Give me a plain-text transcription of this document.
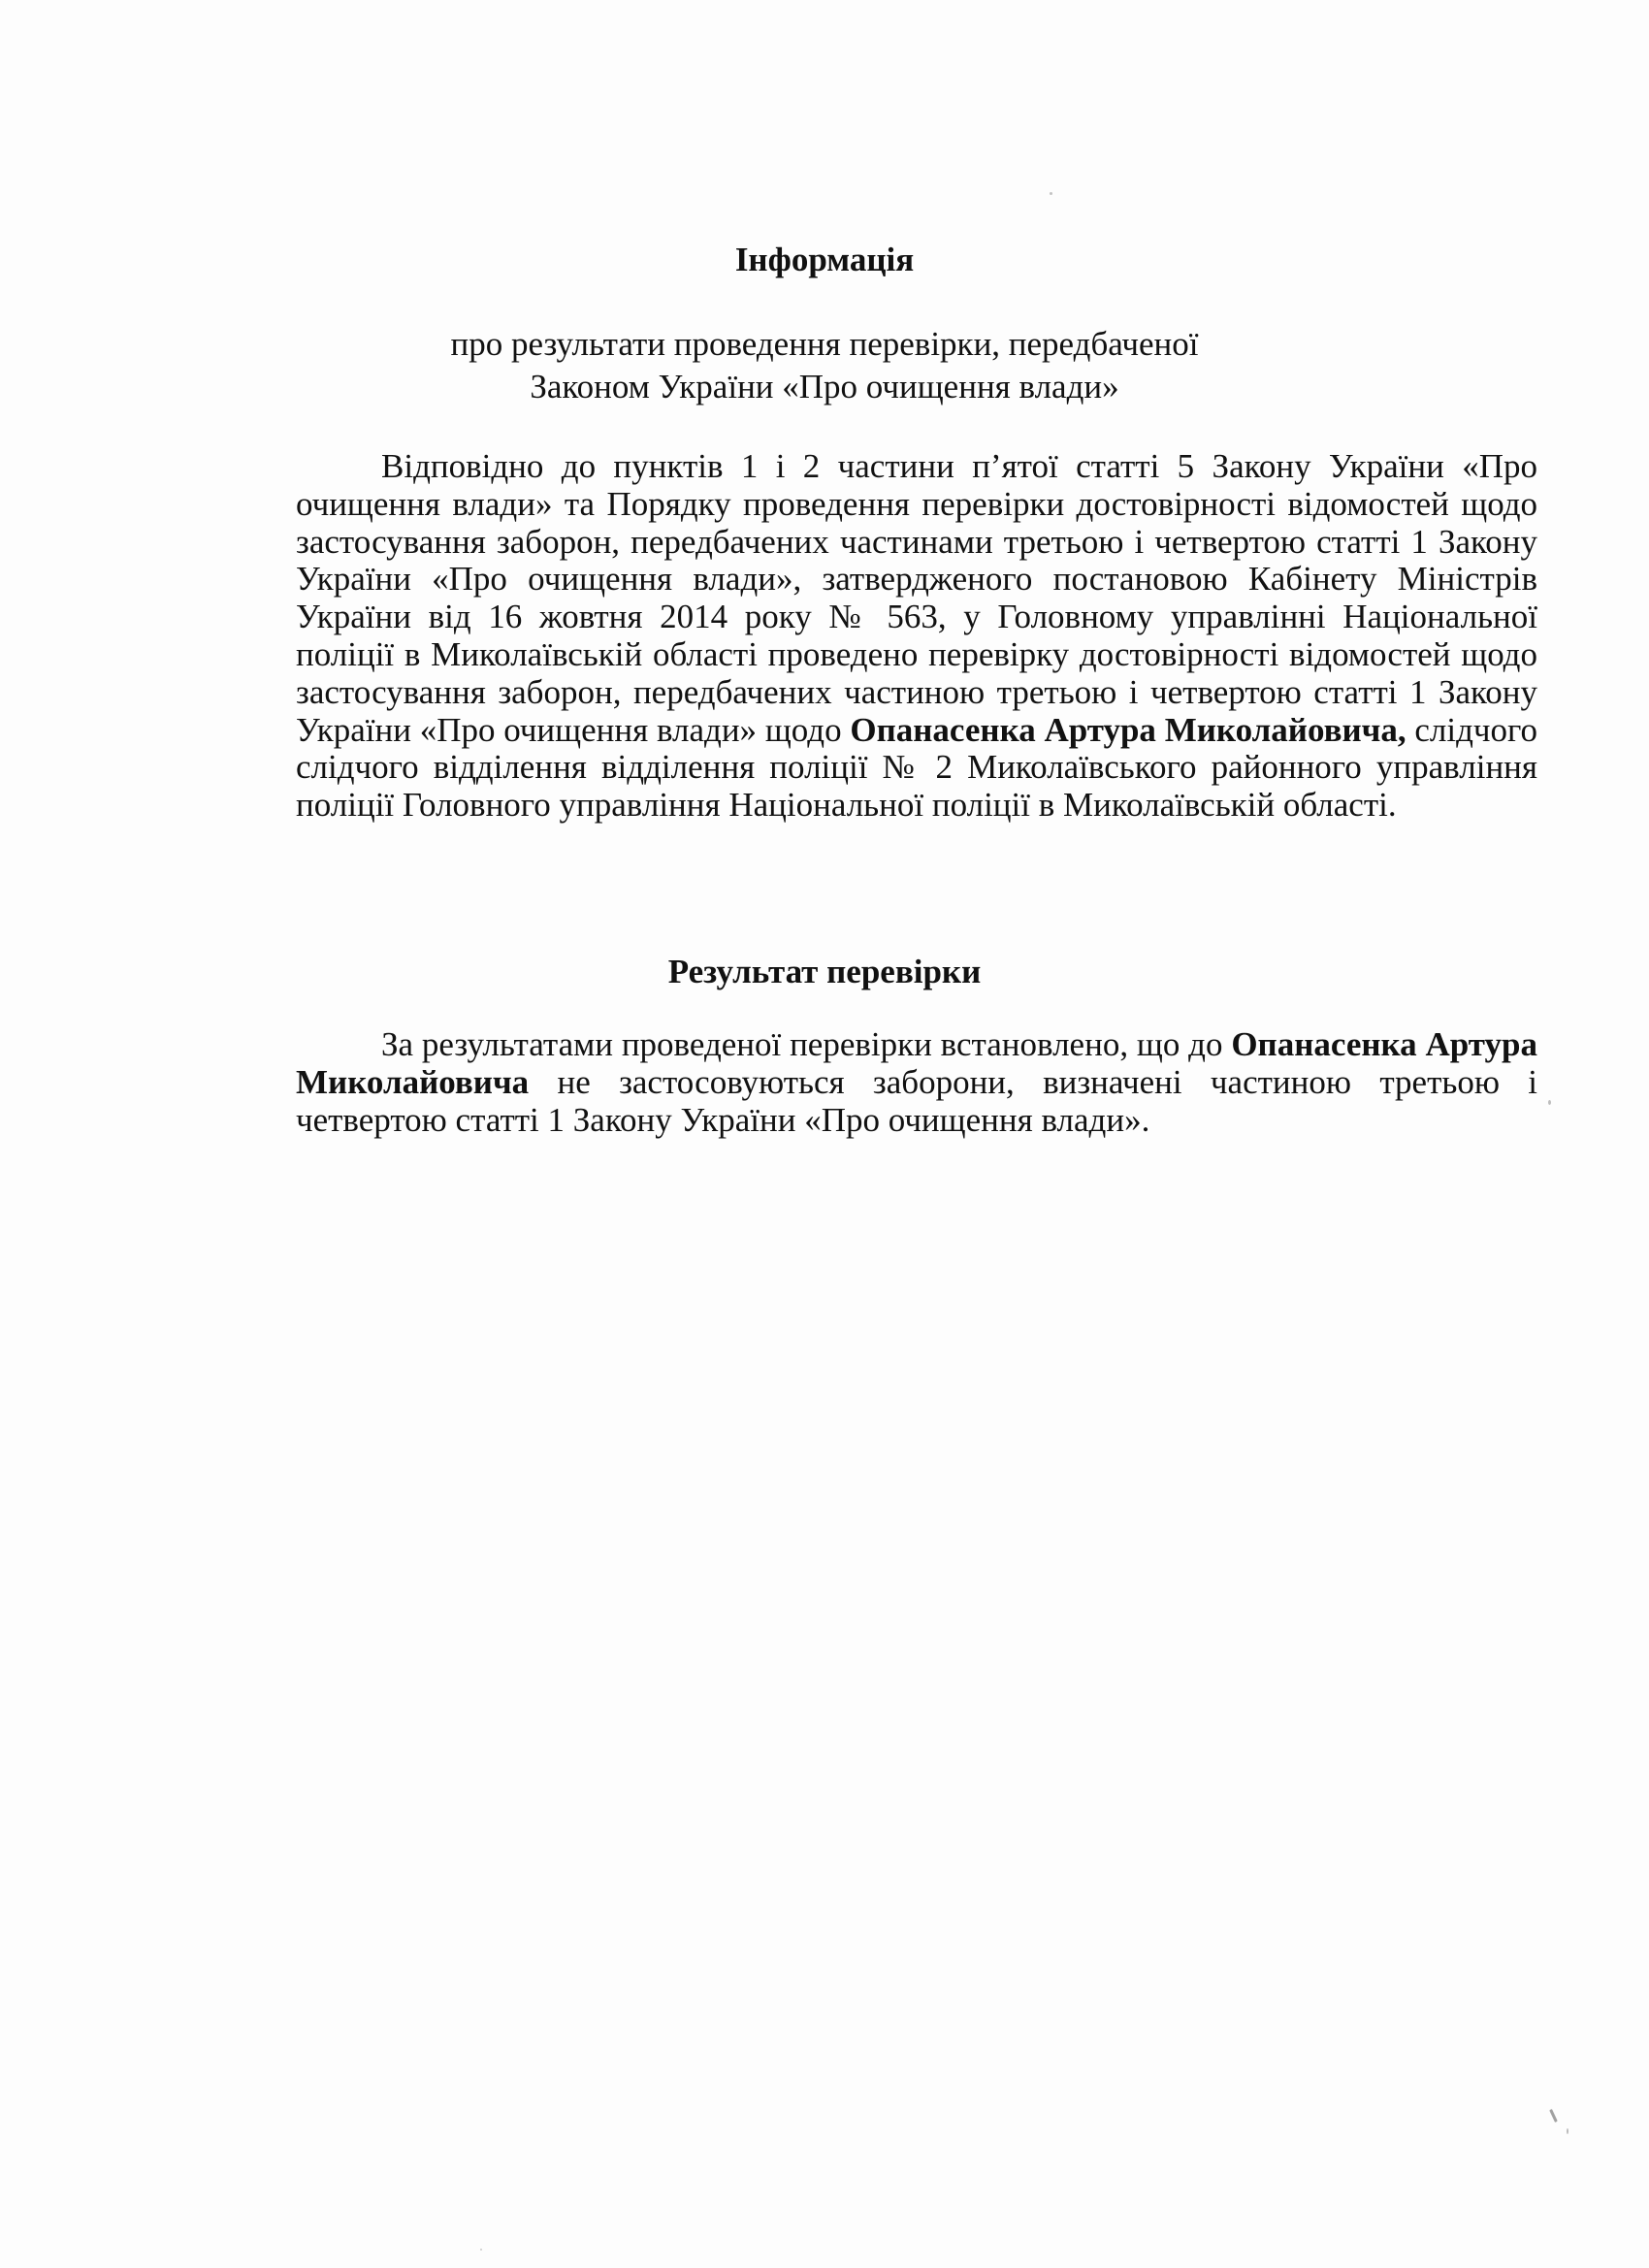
Інформація
про результати проведення перевірки, передбаченої
Законом України «Про очищення влади»

Відповідно до пунктів 1 і 2 частини п’ятої статті 5 Закону України «Про очищення влади» та Порядку проведення перевірки достовірності відомостей щодо застосування заборон, передбачених частинами третьою і четвертою статті 1 Закону України «Про очищення влади», затвердженого постановою Кабінету Міністрів України від 16 жовтня 2014 року № 563, у Головному управлінні Національної поліції в Миколаївській області проведено перевірку достовірності відомостей щодо застосування заборон, передбачених частиною третьою і четвертою статті 1 Закону України «Про очищення влади» щодо Опанасенка Артура Миколайовича, слідчого слідчого відділення відділення поліції № 2 Миколаївського районного управління поліції Головного управління Національної поліції в Миколаївській області.

Результат перевірки

За результатами проведеної перевірки встановлено, що до Опанасенка Артура Миколайовича не застосовуються заборони, визначені частиною третьою і четвертою статті 1 Закону України «Про очищення влади».
